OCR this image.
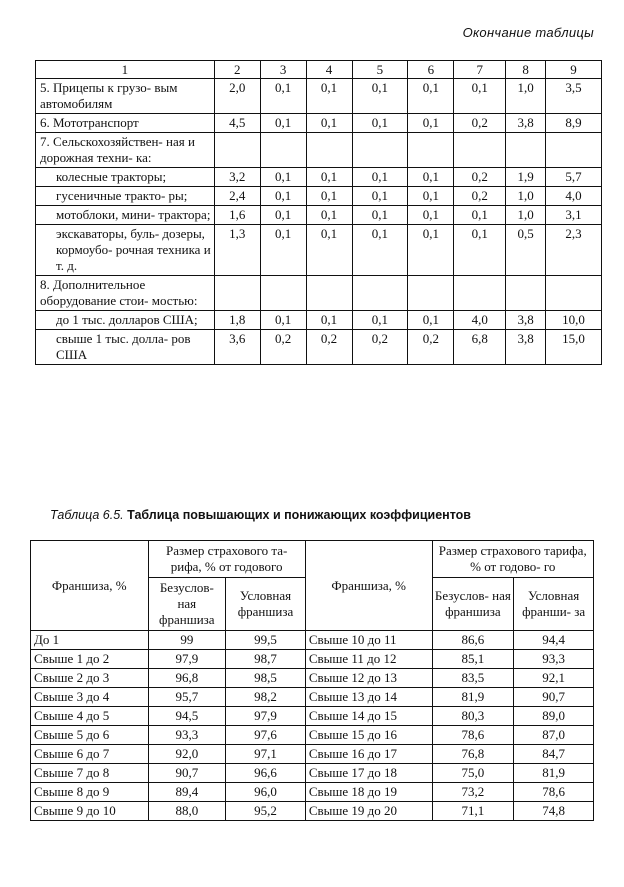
Окончание таблицы
1	2	3	4	5	6	7	8	9
5. Прицепы к грузо- вым автомобилям	2,0	0,1	0,1	0,1	0,1	0,1	1,0	3,5
6. Мототранспорт	4,5	0,1	0,1	0,1	0,1	0,2	3,8	8,9
7. Сельскохозяйствен- ная и дорожная техни- ка:								
колесные тракторы;	3,2	0,1	0,1	0,1	0,1	0,2	1,9	5,7
гусеничные тракто- ры;	2,4	0,1	0,1	0,1	0,1	0,2	1,0	4,0
мотоблоки, мини- трактора;	1,6	0,1	0,1	0,1	0,1	0,1	1,0	3,1
экскаваторы, буль- дозеры, кормоубо- рочная техника и т. д.	1,3	0,1	0,1	0,1	0,1	0,1	0,5	2,3
8. Дополнительное оборудование стои- мостью:								
до 1 тыс. долларов США;	1,8	0,1	0,1	0,1	0,1	4,0	3,8	10,0
свыше 1 тыс. долла- ров США	3,6	0,2	0,2	0,2	0,2	6,8	3,8	15,0
Таблица 6.5. Таблица повышающих и понижающих коэффициентов
Франшиза, %	Размер страхового та- рифа, % от годового		Франшиза, %	Размер страхового тарифа, % от годово- го	
	Безуслов- ная франшиза	Условная франшиза		Безуслов- ная франшиза	Условная франши- за
До 1	99	99,5	Свыше 10 до 11	86,6	94,4
Свыше 1 до 2	97,9	98,7	Свыше 11 до 12	85,1	93,3
Свыше 2 до 3	96,8	98,5	Свыше 12 до 13	83,5	92,1
Свыше 3 до 4	95,7	98,2	Свыше 13 до 14	81,9	90,7
Свыше 4 до 5	94,5	97,9	Свыше 14 до 15	80,3	89,0
Свыше 5 до 6	93,3	97,6	Свыше 15 до 16	78,6	87,0
Свыше 6 до 7	92,0	97,1	Свыше 16 до 17	76,8	84,7
Свыше 7 до 8	90,7	96,6	Свыше 17 до 18	75,0	81,9
Свыше 8 до 9	89,4	96,0	Свыше 18 до 19	73,2	78,6
Свыше 9 до 10	88,0	95,2	Свыше 19 до 20	71,1	74,8
